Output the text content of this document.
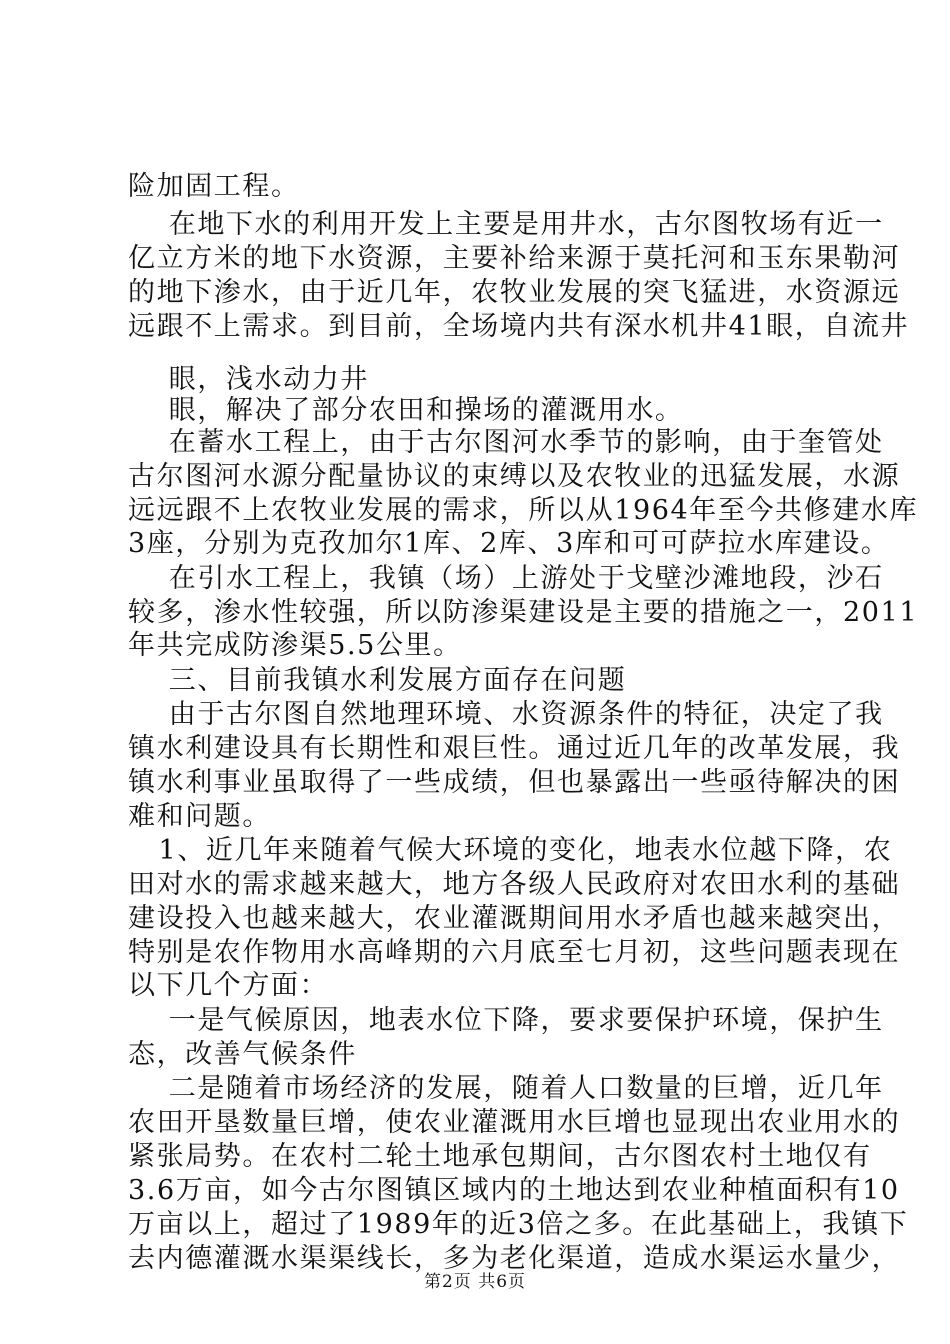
险加固工程。
在地下水的利用开发上主要是用井水，古尔图牧场有近一
亿立方米的地下水资源，主要补给来源于莫托河和玉东果勒河
的地下渗水，由于近几年，农牧业发展的突飞猛进，水资源远
远跟不上需求。到目前，全场境内共有深水机井41眼，自流井
眼，浅水动力井
眼，解决了部分农田和操场的灌溉用水。
在蓄水工程上，由于古尔图河水季节的影响，由于奎管处
古尔图河水源分配量协议的束缚以及农牧业的迅猛发展，水源
远远跟不上农牧业发展的需求，所以从1964年至今共修建水库
3座，分别为克孜加尔1库、2库、3库和可可萨拉水库建设。
在引水工程上，我镇（场）上游处于戈壁沙滩地段，沙石
较多，渗水性较强，所以防渗渠建设是主要的措施之一，2011
年共完成防渗渠5.5公里。
三、目前我镇水利发展方面存在问题
由于古尔图自然地理环境、水资源条件的特征，决定了我
镇水利建设具有长期性和艰巨性。通过近几年的改革发展，我
镇水利事业虽取得了一些成绩，但也暴露出一些亟待解决的困
难和问题。
1、近几年来随着气候大环境的变化，地表水位越下降，农
田对水的需求越来越大，地方各级人民政府对农田水利的基础
建设投入也越来越大，农业灌溉期间用水矛盾也越来越突出，
特别是农作物用水高峰期的六月底至七月初，这些问题表现在
以下几个方面：
一是气候原因，地表水位下降，要求要保护环境，保护生
态，改善气候条件
二是随着市场经济的发展，随着人口数量的巨增，近几年
农田开垦数量巨增，使农业灌溉用水巨增也显现出农业用水的
紧张局势。在农村二轮土地承包期间，古尔图农村土地仅有
3.6万亩，如今古尔图镇区域内的土地达到农业种植面积有10
万亩以上，超过了1989年的近3倍之多。在此基础上，我镇下
去内德灌溉水渠渠线长，多为老化渠道，造成水渠运水量少，
第2页 共6页
